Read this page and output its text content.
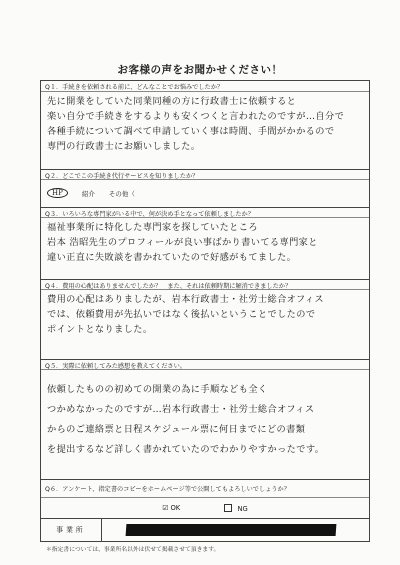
お客様の声をお聞かせください！
Q１．手続きを依頼される前に、どんなことでお悩みでしたか？
先に開業をしていた同業同種の方に行政書士に依頼すると
楽い自分で手続きをするよりも安くつくと言われたのですが…自分で
各種手続について調べて申請していく事は時間、手間がかかるので
専門の行政書士にお願いしました。
Q２．どこでこの手続き代行サービスを知りましたか？
HP	紹介 その他（
Q３．いろいろな専門家がいる中で、何が決め手となって依頼しましたか？
福祉事業所に特化した専門家を探していたところ
岩本 浩昭先生のプロフィールが良い事ばかり書いてる専門家と
違い正直に失敗談を書かれていたので好感がもてました。
Q４．費用の心配はありませんでしたか？　また、それは依頼時期に解消できましたか？
費用の心配はありましたが、岩本行政書士・社労士総合オフィス
では、依頼費用が先払いではなく後払いということでしたので
ポイントとなりました。
Q５．実際に依頼してみた感想を教えてください。
依頼したものの初めての開業の為に手順なども全く
つかめなかったのですが…岩本行政書士・社労士総合オフィス
からのご連絡票と日程スケジュール票に何日までにどの書類
を提出するなど詳しく書かれていたのでわかりやすかったです。
Q６．アンケート、指定書のコピーをホームページ等で公開してもよろしいでしょうか？
☑ OK	NG
事業所
＊指定書については、事業所名以外は伏せて掲載させて頂きます。
